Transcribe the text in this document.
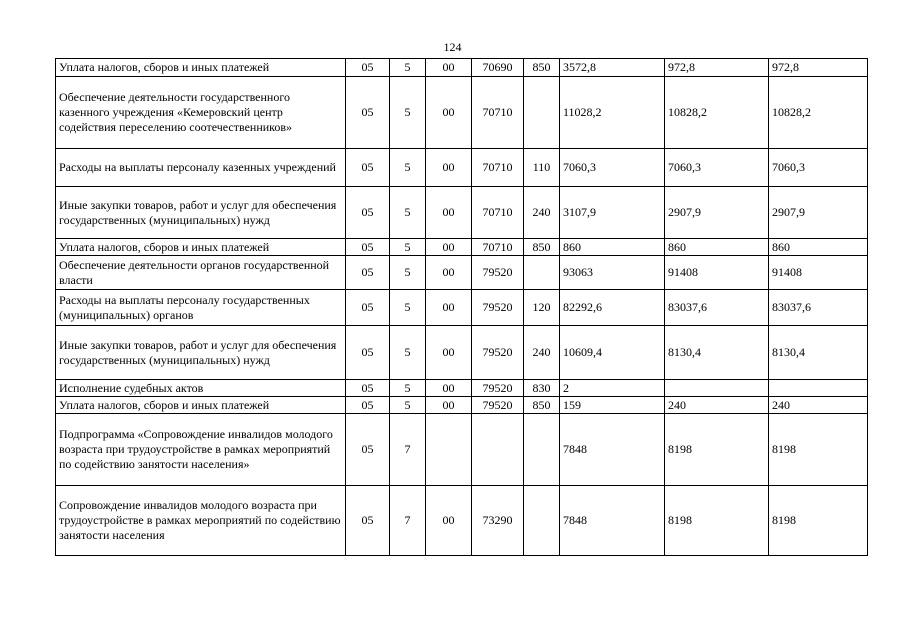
124
Уплата налогов, сборов и иных платежей	05	5	00	70690	850	3572,8	972,8	972,8
Обеспечение деятельности государственного казенного учреждения «Кемеровский центр содействия переселению соотечественников»	05	5	00	70710		11028,2	10828,2	10828,2
Расходы на выплаты персоналу казенных учреждений	05	5	00	70710	110	7060,3	7060,3	7060,3
Иные закупки товаров, работ и услуг для обеспечения государственных (муниципальных) нужд	05	5	00	70710	240	3107,9	2907,9	2907,9
Уплата налогов, сборов и иных платежей	05	5	00	70710	850	860	860	860
Обеспечение деятельности органов государственной власти	05	5	00	79520		93063	91408	91408
Расходы на выплаты персоналу государственных (муниципальных) органов	05	5	00	79520	120	82292,6	83037,6	83037,6
Иные закупки товаров, работ и услуг для обеспечения государственных (муниципальных) нужд	05	5	00	79520	240	10609,4	8130,4	8130,4
Исполнение судебных актов	05	5	00	79520	830	2		
Уплата налогов, сборов и иных платежей	05	5	00	79520	850	159	240	240
Подпрограмма «Сопровождение инвалидов молодого возраста при трудоустройстве в рамках мероприятий по содействию занятости населения»	05	7				7848	8198	8198
Сопровождение инвалидов молодого возраста при трудоустройстве в рамках мероприятий по содействию занятости населения	05	7	00	73290		7848	8198	8198
